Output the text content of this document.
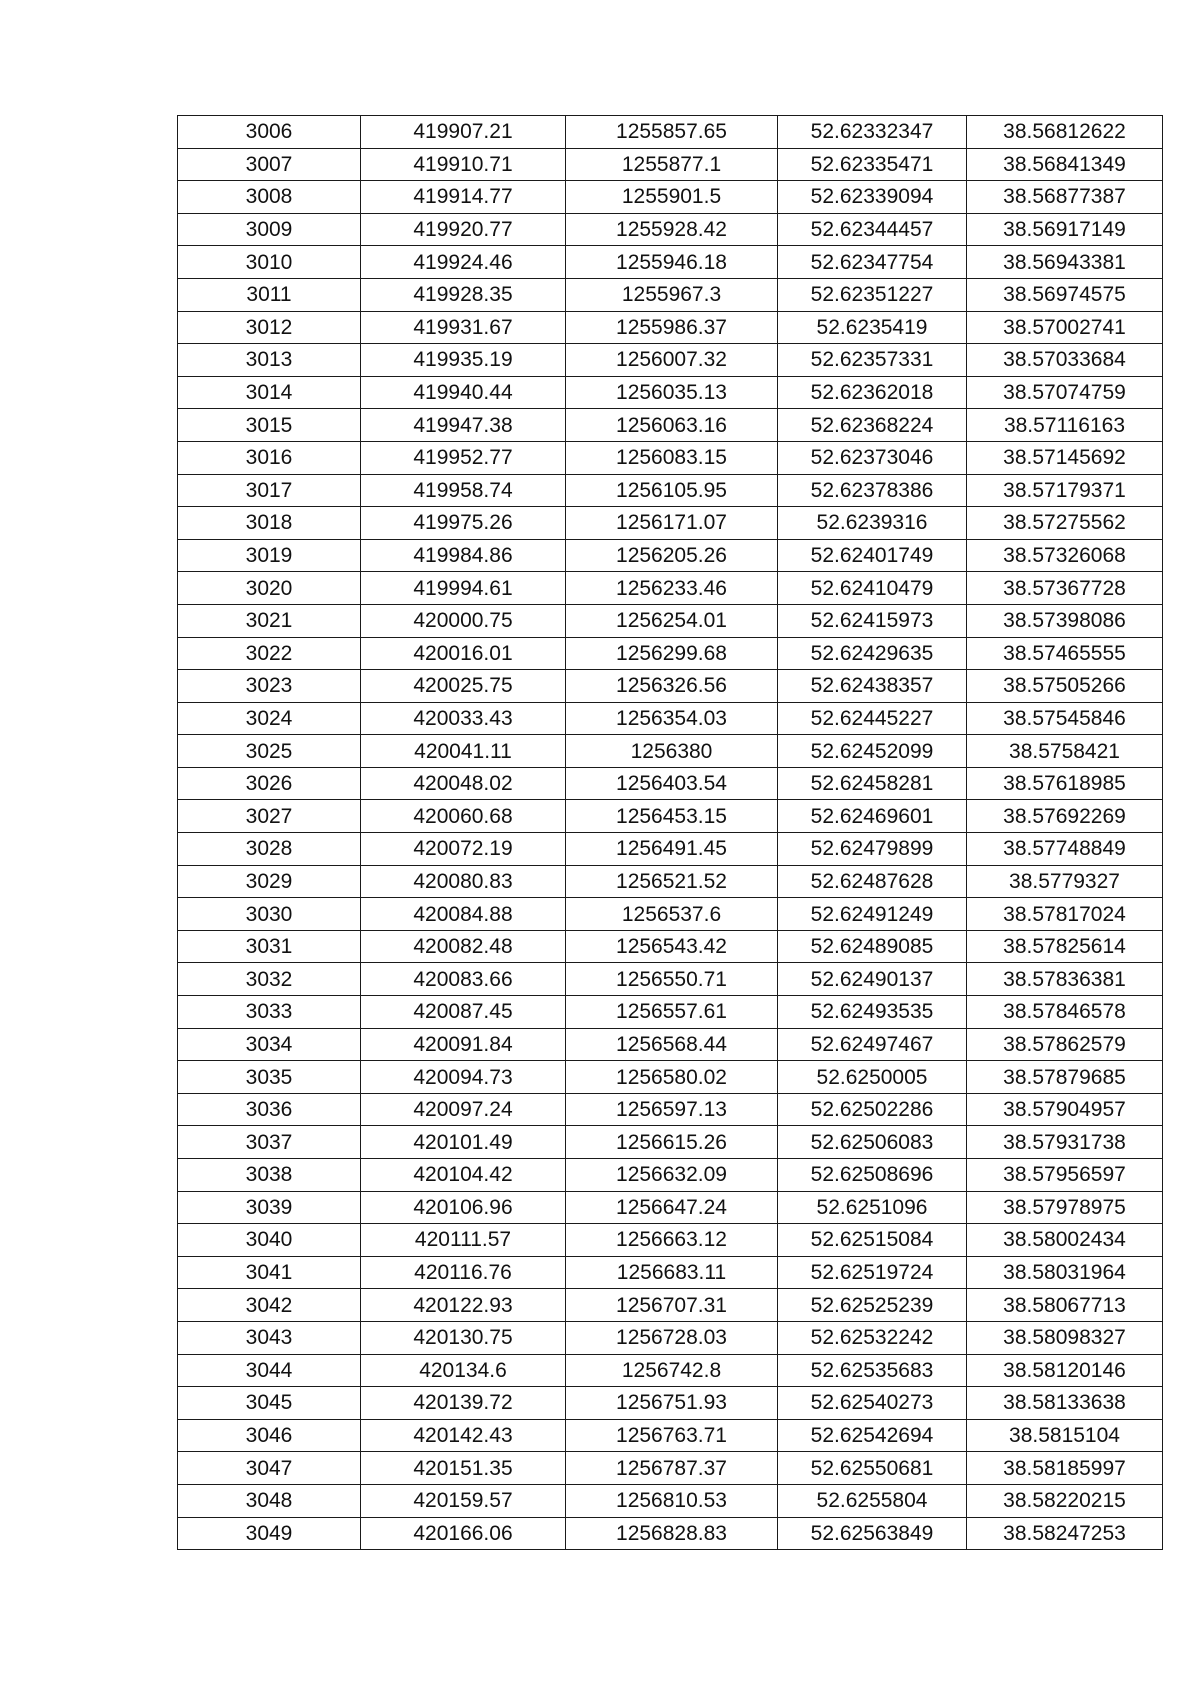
3006	419907.21	1255857.65	52.62332347	38.56812622
3007	419910.71	1255877.1	52.62335471	38.56841349
3008	419914.77	1255901.5	52.62339094	38.56877387
3009	419920.77	1255928.42	52.62344457	38.56917149
3010	419924.46	1255946.18	52.62347754	38.56943381
3011	419928.35	1255967.3	52.62351227	38.56974575
3012	419931.67	1255986.37	52.6235419	38.57002741
3013	419935.19	1256007.32	52.62357331	38.57033684
3014	419940.44	1256035.13	52.62362018	38.57074759
3015	419947.38	1256063.16	52.62368224	38.57116163
3016	419952.77	1256083.15	52.62373046	38.57145692
3017	419958.74	1256105.95	52.62378386	38.57179371
3018	419975.26	1256171.07	52.6239316	38.57275562
3019	419984.86	1256205.26	52.62401749	38.57326068
3020	419994.61	1256233.46	52.62410479	38.57367728
3021	420000.75	1256254.01	52.62415973	38.57398086
3022	420016.01	1256299.68	52.62429635	38.57465555
3023	420025.75	1256326.56	52.62438357	38.57505266
3024	420033.43	1256354.03	52.62445227	38.57545846
3025	420041.11	1256380	52.62452099	38.5758421
3026	420048.02	1256403.54	52.62458281	38.57618985
3027	420060.68	1256453.15	52.62469601	38.57692269
3028	420072.19	1256491.45	52.62479899	38.57748849
3029	420080.83	1256521.52	52.62487628	38.5779327
3030	420084.88	1256537.6	52.62491249	38.57817024
3031	420082.48	1256543.42	52.62489085	38.57825614
3032	420083.66	1256550.71	52.62490137	38.57836381
3033	420087.45	1256557.61	52.62493535	38.57846578
3034	420091.84	1256568.44	52.62497467	38.57862579
3035	420094.73	1256580.02	52.6250005	38.57879685
3036	420097.24	1256597.13	52.62502286	38.57904957
3037	420101.49	1256615.26	52.62506083	38.57931738
3038	420104.42	1256632.09	52.62508696	38.57956597
3039	420106.96	1256647.24	52.6251096	38.57978975
3040	420111.57	1256663.12	52.62515084	38.58002434
3041	420116.76	1256683.11	52.62519724	38.58031964
3042	420122.93	1256707.31	52.62525239	38.58067713
3043	420130.75	1256728.03	52.62532242	38.58098327
3044	420134.6	1256742.8	52.62535683	38.58120146
3045	420139.72	1256751.93	52.62540273	38.58133638
3046	420142.43	1256763.71	52.62542694	38.5815104
3047	420151.35	1256787.37	52.62550681	38.58185997
3048	420159.57	1256810.53	52.6255804	38.58220215
3049	420166.06	1256828.83	52.62563849	38.58247253
